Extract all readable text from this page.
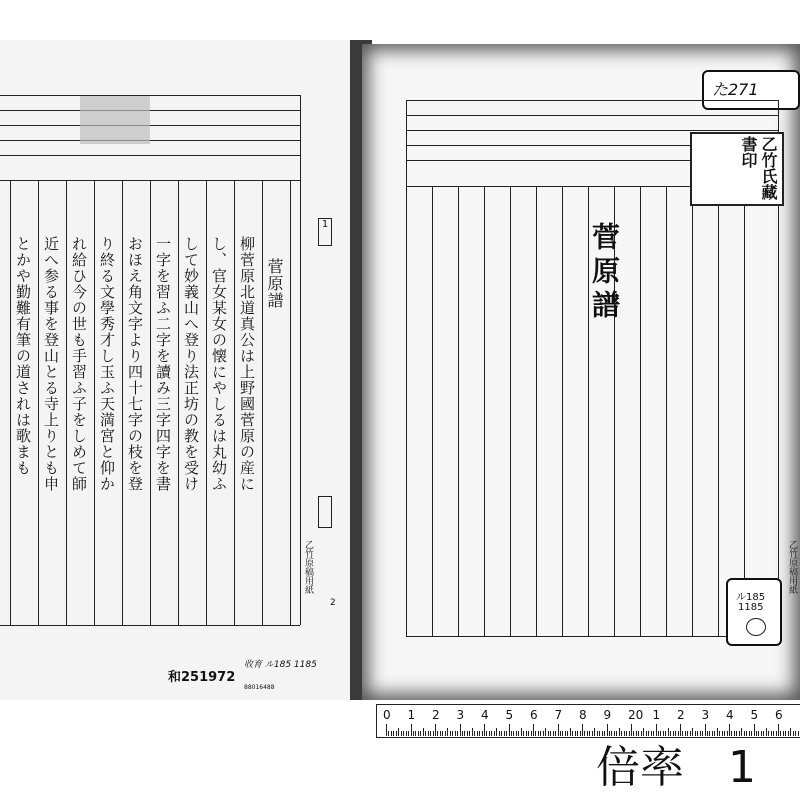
菅原譜
柳菅原北道真公は上野國菅原の産に
し、官女某女の懐にやしるは丸幼ふ
して妙義山へ登り法正坊の教を受け
一字を習ふ二字を讀み三字四字を書
おほえ角文字より四十七字の枝を登
り終る文學秀才し玉ふ天満宮と仰か
れ給ひ今の世も手習ふ子をしめて師
近へ参る事を登山とる寺上りとも申
とかや勤難有筆の道されは歌まも
1
乙竹原稿用紙
2
和251972
收育 ル185 1185
88016488
た271
菅原譜
乙竹氏藏書印
ル185
1185
乙竹原稿用紙
0 1 2 3 4 5 6 7 8 9 20 1 2 3 4 5 6
倍率　1
